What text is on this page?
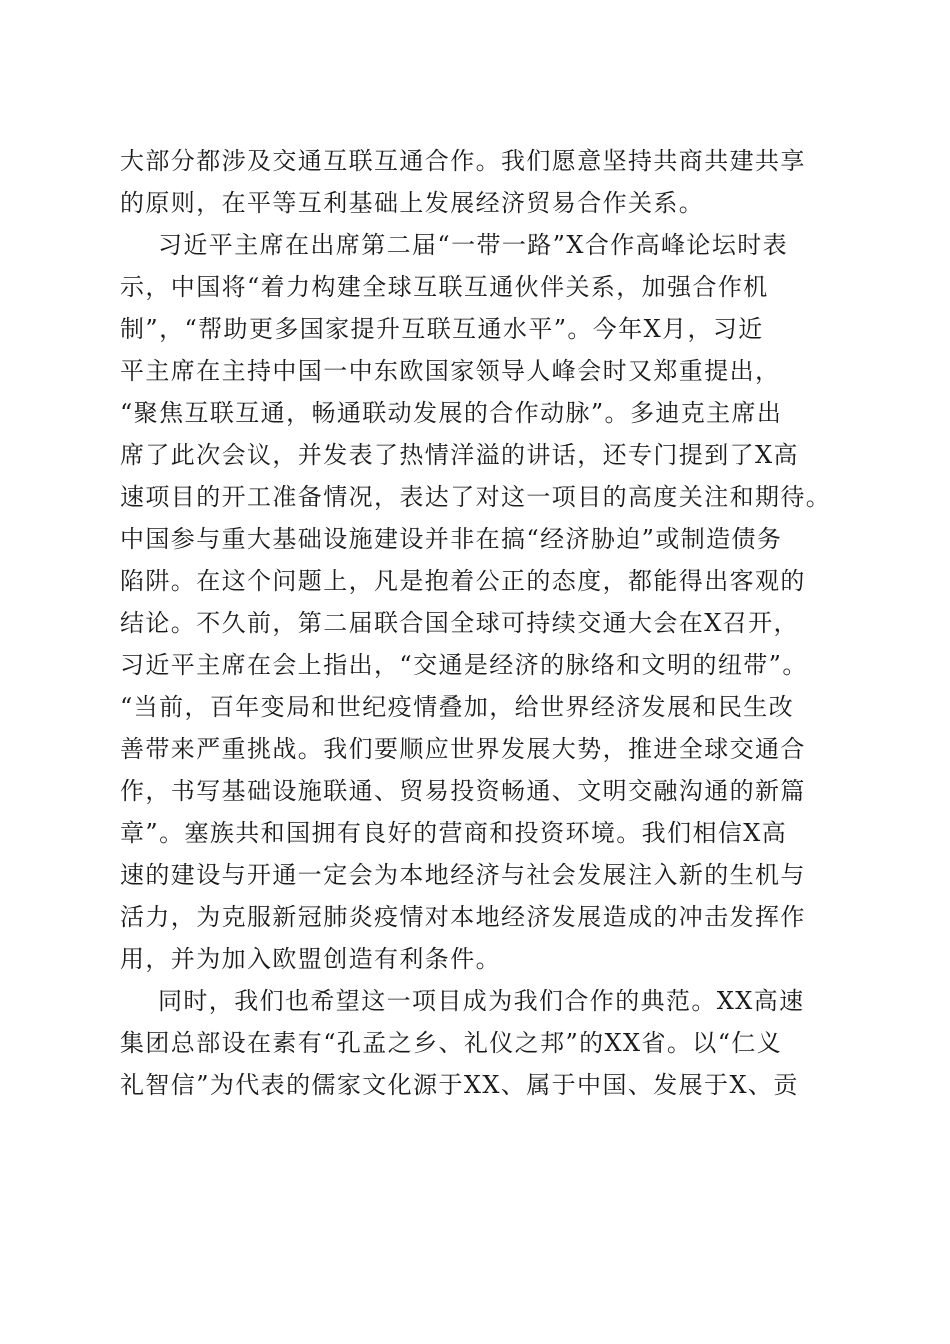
大部分都涉及交通互联互通合作。我们愿意坚持共商共建共享
的原则，在平等互利基础上发展经济贸易合作关系。
习近平主席在出席第二届“一带一路”X合作高峰论坛时表
示，中国将“着力构建全球互联互通伙伴关系，加强合作机
制”，“帮助更多国家提升互联互通水平”。今年X月，习近
平主席在主持中国一中东欧国家领导人峰会时又郑重提出，
“聚焦互联互通，畅通联动发展的合作动脉”。多迪克主席出
席了此次会议，并发表了热情洋溢的讲话，还专门提到了X高
速项目的开工准备情况，表达了对这一项目的高度关注和期待。
中国参与重大基础设施建设并非在搞“经济胁迫”或制造债务
陷阱。在这个问题上，凡是抱着公正的态度，都能得出客观的
结论。不久前，第二届联合国全球可持续交通大会在X召开，
习近平主席在会上指出，“交通是经济的脉络和文明的纽带”。
“当前，百年变局和世纪疫情叠加，给世界经济发展和民生改
善带来严重挑战。我们要顺应世界发展大势，推进全球交通合
作，书写基础设施联通、贸易投资畅通、文明交融沟通的新篇
章”。塞族共和国拥有良好的营商和投资环境。我们相信X高
速的建设与开通一定会为本地经济与社会发展注入新的生机与
活力，为克服新冠肺炎疫情对本地经济发展造成的冲击发挥作
用，并为加入欧盟创造有利条件。
同时，我们也希望这一项目成为我们合作的典范。XX高速
集团总部设在素有“孔孟之乡、礼仪之邦”的XX省。以“仁义
礼智信”为代表的儒家文化源于XX、属于中国、发展于X、贡
